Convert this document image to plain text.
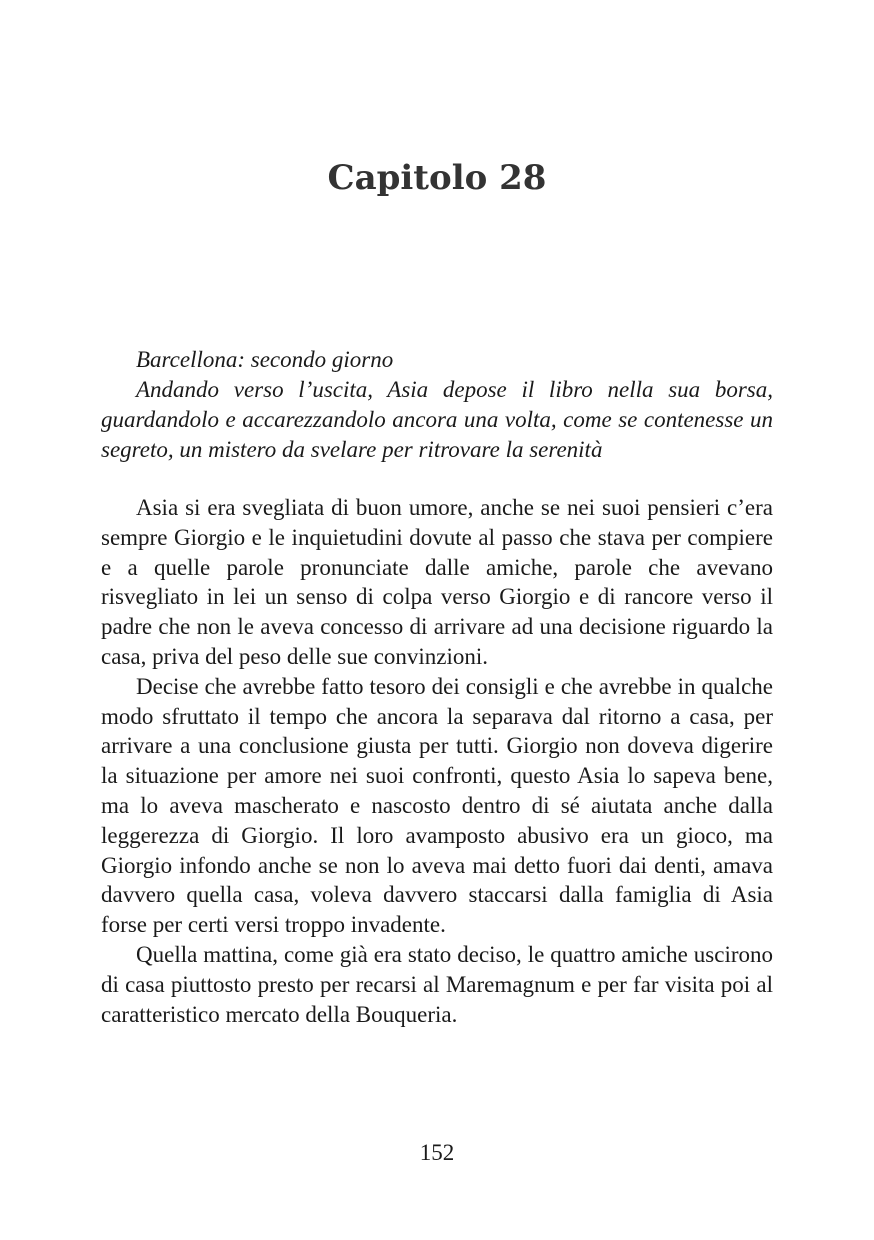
Capitolo 28

Barcellona: secondo giorno

Andando verso l’uscita, Asia depose il libro nella sua borsa, guardandolo e accarezzandolo ancora una volta, come se contenesse un segreto, un mistero da svelare per ritrovare la serenità

Asia si era svegliata di buon umore, anche se nei suoi pensieri c’era sempre Giorgio e le inquietudini dovute al passo che stava per compiere e a quelle parole pronunciate dalle amiche, parole che avevano risvegliato in lei un senso di colpa verso Giorgio e di rancore verso il padre che non le aveva concesso di arrivare ad una decisione riguardo la casa, priva del peso delle sue convinzioni.

Decise che avrebbe fatto tesoro dei consigli e che avrebbe in qualche modo sfruttato il tempo che ancora la separava dal ritorno a casa, per arrivare a una conclusione giusta per tutti. Giorgio non doveva digerire la situazione per amore nei suoi confronti, questo Asia lo sapeva bene, ma lo aveva mascherato e nascosto dentro di sé aiutata anche dalla leggerezza di Giorgio. Il loro avamposto abusivo era un gioco, ma Giorgio infondo anche se non lo aveva mai detto fuori dai denti, amava davvero quella casa, voleva davvero staccarsi dalla famiglia di Asia forse per certi versi troppo invadente.

Quella mattina, come già era stato deciso, le quattro amiche uscirono di casa piuttosto presto per recarsi al Maremagnum e per far visita poi al caratteristico mercato della Bouqueria.

152
